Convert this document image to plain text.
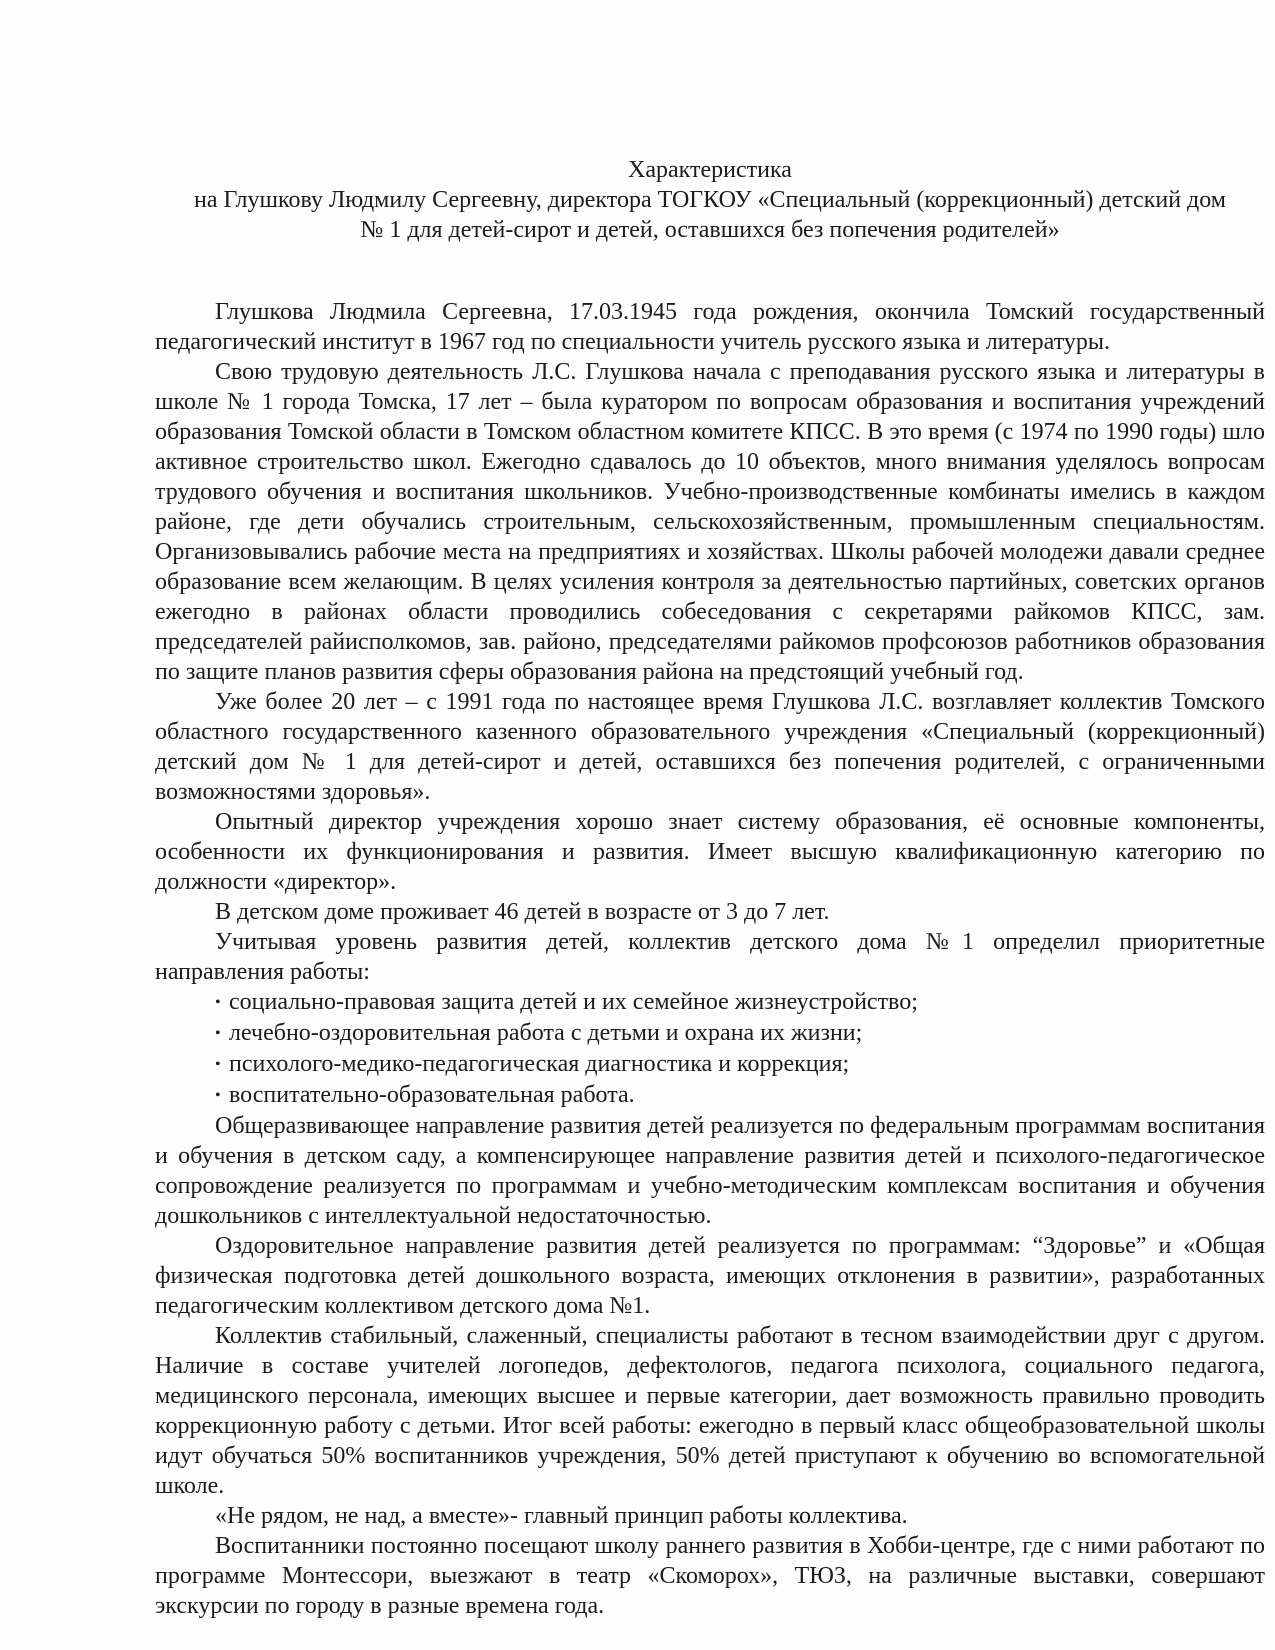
Характеристика
на Глушкову Людмилу Сергеевну, директора ТОГКОУ «Специальный (коррекционный) детский дом
№ 1 для детей-сирот и детей, оставшихся без попечения родителей»

Глушкова Людмила Сергеевна, 17.03.1945 года рождения, окончила Томский государственный педагогический институт в 1967 год по специальности учитель русского языка и литературы.

Свою трудовую деятельность Л.С. Глушкова начала с преподавания русского языка и литературы в школе № 1 города Томска, 17 лет – была куратором по вопросам образования и воспитания учреждений образования Томской области в Томском областном комитете КПСС. В это время (с 1974 по 1990 годы) шло активное строительство школ. Ежегодно сдавалось до 10 объектов, много внимания уделялось вопросам трудового обучения и воспитания школьников. Учебно-производственные комбинаты имелись в каждом районе, где дети обучались строительным, сельскохозяйственным, промышленным специальностям. Организовывались рабочие места на предприятиях и хозяйствах. Школы рабочей молодежи давали среднее образование всем желающим. В целях усиления контроля за деятельностью партийных, советских органов ежегодно в районах области проводились собеседования с секретарями райкомов КПСС, зам. председателей райисполкомов, зав. районо, председателями райкомов профсоюзов работников образования по защите планов развития сферы образования района на предстоящий учебный год.

Уже более 20 лет – с 1991 года по настоящее время Глушкова Л.С. возглавляет коллектив Томского областного государственного казенного образовательного учреждения «Специальный (коррекционный) детский дом № 1 для детей-сирот и детей, оставшихся без попечения родителей, с ограниченными возможностями здоровья».

Опытный директор учреждения хорошо знает систему образования, её основные компоненты, особенности их функционирования и развития. Имеет высшую квалификационную категорию по должности «директор».

В детском доме проживает 46 детей в возрасте от 3 до 7 лет.

Учитывая уровень развития детей, коллектив детского дома №1 определил приоритетные направления работы:

• социально-правовая защита детей и их семейное жизнеустройство;
• лечебно-оздоровительная работа с детьми и охрана их жизни;
• психолого-медико-педагогическая диагностика и коррекция;
• воспитательно-образовательная работа.

Общеразвивающее направление развития детей реализуется по федеральным программам воспитания и обучения в детском саду, а компенсирующее направление развития детей и психолого-педагогическое сопровождение реализуется по программам и учебно-методическим комплексам воспитания и обучения дошкольников с интеллектуальной недостаточностью.

Оздоровительное направление развития детей реализуется по программам: “Здоровье” и «Общая физическая подготовка детей дошкольного возраста, имеющих отклонения в развитии», разработанных педагогическим коллективом детского дома №1.

Коллектив стабильный, слаженный, специалисты работают в тесном взаимодействии друг с другом. Наличие в составе учителей логопедов, дефектологов, педагога психолога, социального педагога, медицинского персонала, имеющих высшее и первые категории, дает возможность правильно проводить коррекционную работу с детьми. Итог всей работы: ежегодно в первый класс общеобразовательной школы идут обучаться 50% воспитанников учреждения, 50% детей приступают к обучению во вспомогательной школе.

«Не рядом, не над, а вместе»- главный принцип работы коллектива.

Воспитанники постоянно посещают школу раннего развития в Хобби-центре, где с ними работают по программе Монтессори, выезжают в театр «Скоморох», ТЮЗ, на различные выставки, совершают экскурсии по городу в разные времена года.
